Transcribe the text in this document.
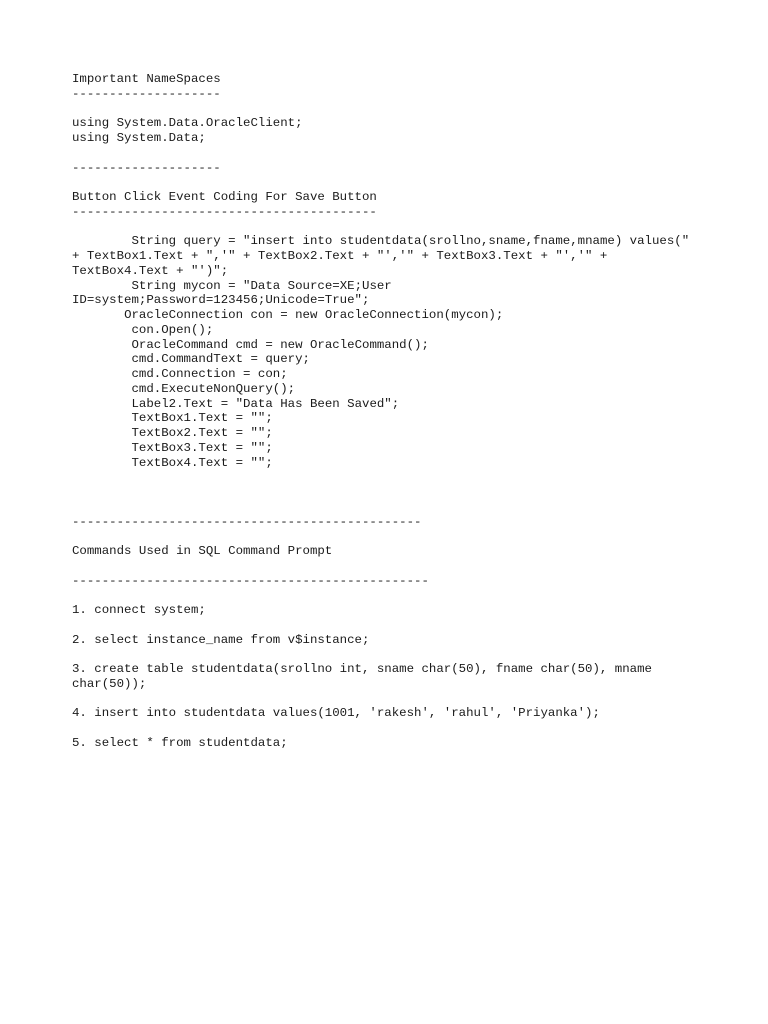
Important NameSpaces
--------------------
using System.Data.OracleClient;
using System.Data;
--------------------
Button Click Event Coding For Save Button
-----------------------------------------
String query = "insert into studentdata(srollno,sname,fname,mname) values("
+ TextBox1.Text + ",'" + TextBox2.Text + "','" + TextBox3.Text + "','" +
TextBox4.Text + "')";
String mycon = "Data Source=XE;User
ID=system;Password=123456;Unicode=True";
OracleConnection con = new OracleConnection(mycon);
con.Open();
OracleCommand cmd = new OracleCommand();
cmd.CommandText = query;
cmd.Connection = con;
cmd.ExecuteNonQuery();
Label2.Text = "Data Has Been Saved";
TextBox1.Text = "";
TextBox2.Text = "";
TextBox3.Text = "";
TextBox4.Text = "";
-----------------------------------------------
Commands Used in SQL Command Prompt
------------------------------------------------
1. connect system;
2. select instance_name from v$instance;
3. create table studentdata(srollno int, sname char(50), fname char(50), mname
char(50));
4. insert into studentdata values(1001, 'rakesh', 'rahul', 'Priyanka');
5. select * from studentdata;
